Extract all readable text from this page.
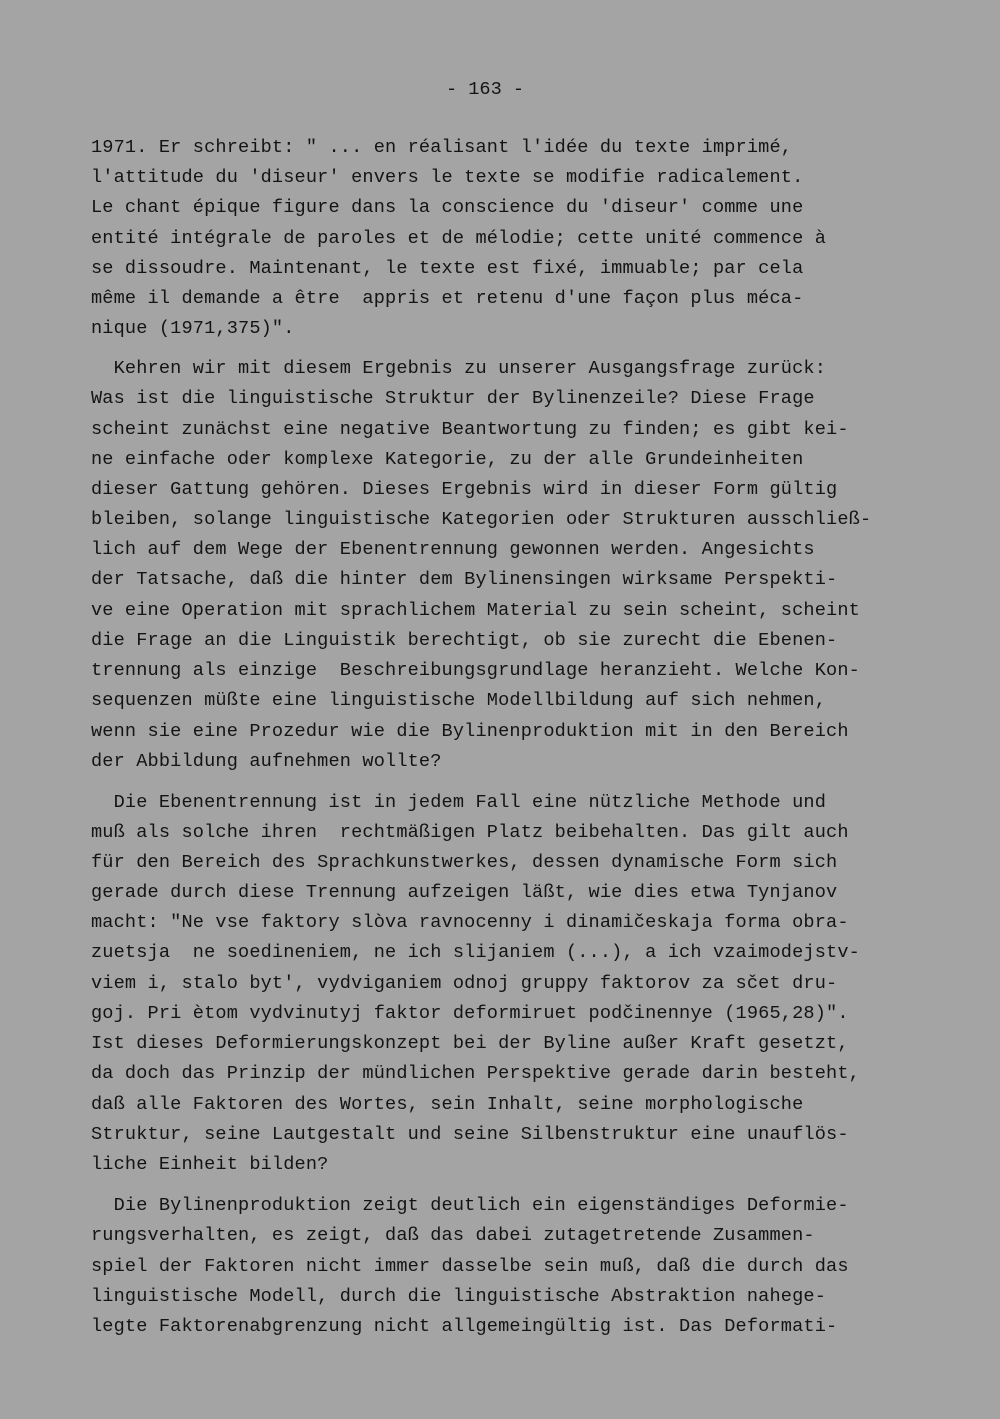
- 163 -
1971. Er schreibt: " ... en réalisant l'idée du texte imprimé,
l'attitude du 'diseur' envers le texte se modifie radicalement.
Le chant épique figure dans la conscience du 'diseur' comme une
entité intégrale de paroles et de mélodie; cette unité commence à
se dissoudre. Maintenant, le texte est fixé, immuable; par cela
même il demande a être  appris et retenu d'une façon plus méca-
nique (1971,375)".
Kehren wir mit diesem Ergebnis zu unserer Ausgangsfrage zurück:
Was ist die linguistische Struktur der Bylinenzeile? Diese Frage
scheint zunächst eine negative Beantwortung zu finden; es gibt kei-
ne einfache oder komplexe Kategorie, zu der alle Grundeinheiten
dieser Gattung gehören. Dieses Ergebnis wird in dieser Form gültig
bleiben, solange linguistische Kategorien oder Strukturen ausschließ-
lich auf dem Wege der Ebenentrennung gewonnen werden. Angesichts
der Tatsache, daß die hinter dem Bylinensingen wirksame Perspekti-
ve eine Operation mit sprachlichem Material zu sein scheint, scheint
die Frage an die Linguistik berechtigt, ob sie zurecht die Ebenen-
trennung als einzige  Beschreibungsgrundlage heranzieht. Welche Kon-
sequenzen müßte eine linguistische Modellbildung auf sich nehmen,
wenn sie eine Prozedur wie die Bylinenproduktion mit in den Bereich
der Abbildung aufnehmen wollte?
Die Ebenentrennung ist in jedem Fall eine nützliche Methode und
muß als solche ihren  rechtmäßigen Platz beibehalten. Das gilt auch
für den Bereich des Sprachkunstwerkes, dessen dynamische Form sich
gerade durch diese Trennung aufzeigen läßt, wie dies etwa Tynjanov
macht: "Ne vse faktory slòva ravnocenny i dinamičeskaja forma obra-
zuetsja  ne soedineniem, ne ich slijaniem (...), a ich vzaimodejstv-
viem i, stalo byt', vydviganiem odnoj gruppy faktorov za sčet dru-
goj. Pri ètom vydvinutyj faktor deformiruet podčinennye (1965,28)".
Ist dieses Deformierungskonzept bei der Byline außer Kraft gesetzt,
da doch das Prinzip der mündlichen Perspektive gerade darin besteht,
daß alle Faktoren des Wortes, sein Inhalt, seine morphologische
Struktur, seine Lautgestalt und seine Silbenstruktur eine unauflös-
liche Einheit bilden?
Die Bylinenproduktion zeigt deutlich ein eigenständiges Deformie-
rungsverhalten, es zeigt, daß das dabei zutagetretende Zusammen-
spiel der Faktoren nicht immer dasselbe sein muß, daß die durch das
linguistische Modell, durch die linguistische Abstraktion nahege-
legte Faktorenabgrenzung nicht allgemeingültig ist. Das Deformati-
